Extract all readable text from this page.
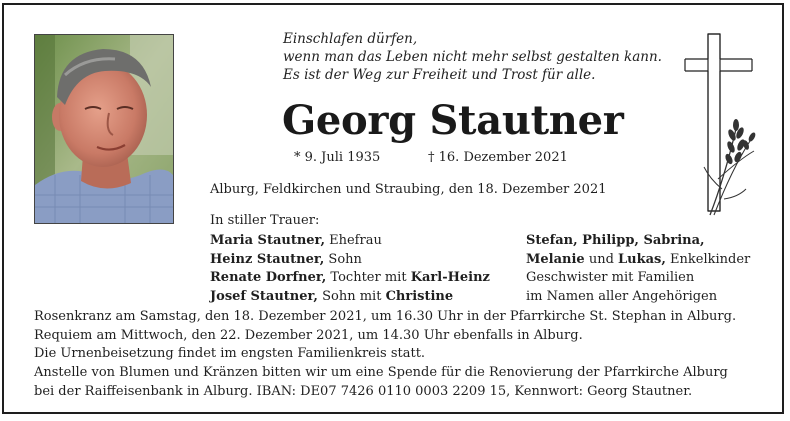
Einschlafen dürfen,
wenn man das Leben nicht mehr selbst gestalten kann.
Es ist der Weg zur Freiheit und Trost für alle.
Georg Stautner
* 9. Juli 1935	† 16. Dezember 2021
Alburg, Feldkirchen und Straubing, den 18. Dezember 2021
In stiller Trauer:
Maria Stautner, Ehefrau
Heinz Stautner, Sohn
Renate Dorfner, Tochter mit Karl-Heinz
Josef Stautner, Sohn mit Christine
Stefan, Philipp, Sabrina,
Melanie und Lukas, Enkelkinder
Geschwister mit Familien
im Namen aller Angehörigen
Rosenkranz am Samstag, den 18. Dezember 2021, um 16.30 Uhr in der Pfarrkirche St. Stephan in Alburg.
Requiem am Mittwoch, den 22. Dezember 2021, um 14.30 Uhr ebenfalls in Alburg.
Die Urnenbeisetzung findet im engsten Familienkreis statt.
Anstelle von Blumen und Kränzen bitten wir um eine Spende für die Renovierung der Pfarrkirche Alburg
bei der Raiffeisenbank in Alburg. IBAN: DE07 7426 0110 0003 2209 15, Kennwort: Georg Stautner.
